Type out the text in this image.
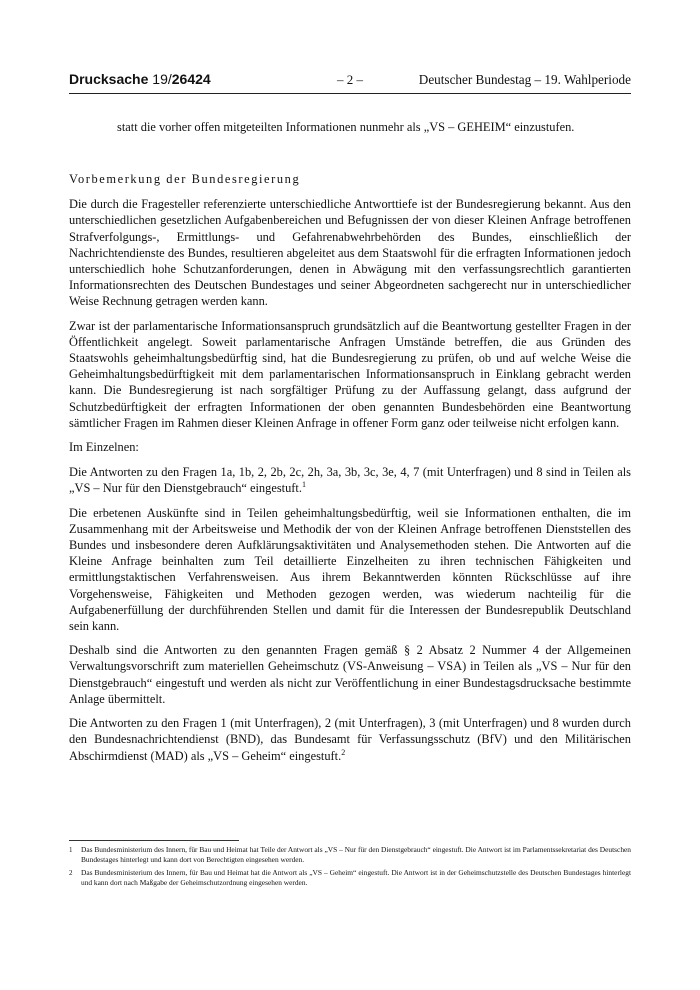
Drucksache 19/26424	– 2 –	Deutscher Bundestag – 19. Wahlperiode
statt die vorher offen mitgeteilten Informationen nunmehr als „VS – GEHEIM“ einzustufen.
Vorbemerkung der Bundesregierung

Die durch die Fragesteller referenzierte unterschiedliche Antworttiefe ist der Bundesregierung bekannt. Aus den unterschiedlichen gesetzlichen Aufgabenbereichen und Befugnissen der von dieser Kleinen Anfrage betroffenen Strafverfolgungs-, Ermittlungs- und Gefahrenabwehrbehörden des Bundes, einschließlich der Nachrichtendienste des Bundes, resultieren abgeleitet aus dem Staatswohl für die erfragten Informationen jedoch unterschiedlich hohe Schutzanforderungen, denen in Abwägung mit den verfassungsrechtlich garantierten Informationsrechten des Deutschen Bundestages und seiner Abgeordneten sachgerecht nur in unterschiedlicher Weise Rechnung getragen werden kann.

Zwar ist der parlamentarische Informationsanspruch grundsätzlich auf die Beantwortung gestellter Fragen in der Öffentlichkeit angelegt. Soweit parlamentarische Anfragen Umstände betreffen, die aus Gründen des Staatswohls geheimhaltungsbedürftig sind, hat die Bundesregierung zu prüfen, ob und auf welche Weise die Geheimhaltungsbedürftigkeit mit dem parlamentarischen Informationsanspruch in Einklang gebracht werden kann. Die Bundesregierung ist nach sorgfältiger Prüfung zu der Auffassung gelangt, dass aufgrund der Schutzbedürftigkeit der erfragten Informationen der oben genannten Bundesbehörden eine Beantwortung sämtlicher Fragen im Rahmen dieser Kleinen Anfrage in offener Form ganz oder teilweise nicht erfolgen kann.

Im Einzelnen:

Die Antworten zu den Fragen 1a, 1b, 2, 2b, 2c, 2h, 3a, 3b, 3c, 3e, 4, 7 (mit Unterfragen) und 8 sind in Teilen als „VS – Nur für den Dienstgebrauch“ eingestuft.$^1$

Die erbetenen Auskünfte sind in Teilen geheimhaltungsbedürftig, weil sie Informationen enthalten, die im Zusammenhang mit der Arbeitsweise und Methodik der von der Kleinen Anfrage betroffenen Dienststellen des Bundes und insbesondere deren Aufklärungsaktivitäten und Analysemethoden stehen. Die Antworten auf die Kleine Anfrage beinhalten zum Teil detaillierte Einzelheiten zu ihren technischen Fähigkeiten und ermittlungstaktischen Verfahrensweisen. Aus ihrem Bekanntwerden könnten Rückschlüsse auf ihre Vorgehensweise, Fähigkeiten und Methoden gezogen werden, was wiederum nachteilig für die Aufgabenerfüllung der durchführenden Stellen und damit für die Interessen der Bundesrepublik Deutschland sein kann.

Deshalb sind die Antworten zu den genannten Fragen gemäß § 2 Absatz 2 Nummer 4 der Allgemeinen Verwaltungsvorschrift zum materiellen Geheimschutz (VS-Anweisung – VSA) in Teilen als „VS – Nur für den Dienstgebrauch“ eingestuft und werden als nicht zur Veröffentlichung in einer Bundestagsdrucksache bestimmte Anlage übermittelt.

Die Antworten zu den Fragen 1 (mit Unterfragen), 2 (mit Unterfragen), 3 (mit Unterfragen) und 8 wurden durch den Bundesnachrichtendienst (BND), das Bundesamt für Verfassungsschutz (BfV) und den Militärischen Abschirmdienst (MAD) als „VS – Geheim“ eingestuft.$^2$

1	Das Bundesministerium des Innern, für Bau und Heimat hat Teile der Antwort als „VS – Nur für den Dienstgebrauch“ eingestuft. Die Antwort ist im Parlamentssekretariat des Deutschen Bundestages hinterlegt und kann dort von Berechtigten eingesehen werden.
2	Das Bundesministerium des Innern, für Bau und Heimat hat die Antwort als „VS – Geheim“ eingestuft. Die Antwort ist in der Geheimschutzstelle des Deutschen Bundestages hinterlegt und kann dort nach Maßgabe der Geheimschutzordnung eingesehen werden.
